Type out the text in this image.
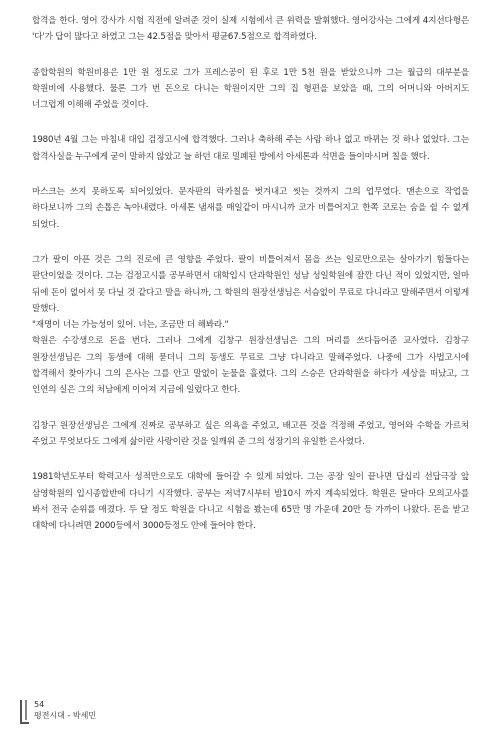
합격을 한다. 영어 강사가 시험 직전에 알려준 것이 실제 시험에서 큰 위력을 발휘했다. 영어강사는 그에게 4지선다형은 '다'가 답이 많다고 하였고 그는 42.5점을 맞아서 평균67.5점으로 합격하였다.

종합학원의 학원비용은 1만 원 정도로 그가 프레스공이 된 후로 1만 5천 원을 받았으니까 그는 월급의 대부분을 학원비에 사용했다. 물론 그가 번 돈으로 다니는 학원이지만 그의 집 형편을 보았을 때, 그의 어머니와 아버지도 너그럽게 이해해 주었을 것이다.

1980년 4월 그는 마침내 대입 검정고시에 합격했다. 그러나 축하해 주는 사람 하나 없고 바뀌는 것 하나 없었다. 그는 합격사실을 누구에게 굳이 말하지 않았고 늘 하던 대로 밀폐된 방에서 아세톤과 석면을 들이마시며 칠을 했다.

마스크는 쓰지 못하도록 되어있었다. 문자판의 락카칠을 벗겨내고 씻는 것까지 그의 업무였다. 맨손으로 작업을 하다보니까 그의 손톱은 녹아내렸다. 아세톤 냄새를 매일같이 마시니까 코가 비틀어지고 한쪽 코로는 숨을 쉴 수 없게 되었다.

그가 팔이 아픈 것은 그의 진로에 큰 영향을 주었다. 팔이 비틀어져서 몸을 쓰는 일로만으로는 살아가기 힘들다는 판단이었을 것이다. 그는 검정고시를 공부하면서 대학입시 단과학원인 성남 성일학원에 잠깐 다닌 적이 있었지만, 얼마 뒤에 돈이 없어서 못 다닐 것 같다고 말을 하니까, 그 학원의 원장선생님은 서슴없이 무료로 다니라고 말해주면서 이렇게 말했다.

"재명이 너는 가능성이 있어. 너는, 조금만 더 해봐라."

학원은 수강생으로 돈을 번다. 그러나 그에게 김창구 원장선생님은 그의 머리를 쓰다듬어준 교사였다. 김창구 원장선생님은 그의 동생에 대해 묻더니 그의 동생도 무료로 그냥 다니라고 말해주었다. 나중에 그가 사법고시에 합격해서 찾아가니 그의 은사는 그를 안고 말없이 눈물을 흘렸다. 그의 스승은 단과학원을 하다가 세상을 떠났고, 그 인연의 실은 그의 처남에게 이어져 지금에 일렀다고 한다.

김창구 원장선생님은 그에게 진짜로 공부하고 싶은 의욕을 주었고, 배고픈 것을 걱정해 주었고, 영어와 수학을 가르쳐 주었고 무엇보다도 그에게 삶이란 사랑이란 것을 일깨워 준 그의 성장기의 유일한 은사였다.

1981학년도부터 학력고사 성적만으로도 대학에 들어갈 수 있게 되었다. 그는 공장 일이 끝나면 답십리 선답극장 앞 삼영학원의 입시종합반에 다니기 시작했다. 공부는 저녁7시부터 밤10시 까지 계속되었다. 학원은 달마다 모의고사를 봐서 전국 순위를 매겼다. 두 달 정도 학원을 다니고 시험을 봤는데 65만 명 가운데 20만 등 가까이 나왔다. 돈을 받고 대학에 다니려면 2000등에서 3000등정도 안에 들어야 한다.

54
평전시대 - 박세민
